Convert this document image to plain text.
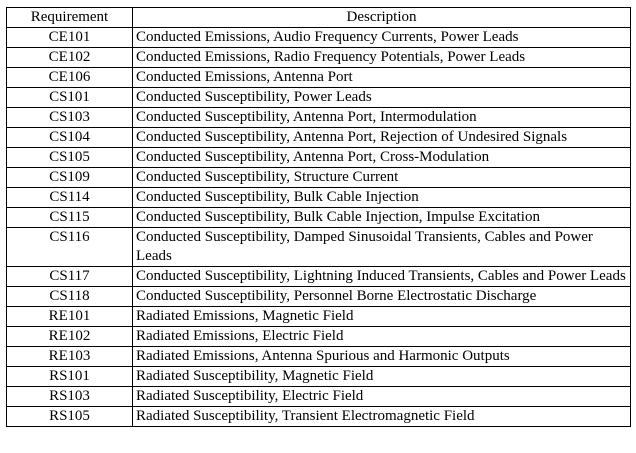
Requirement	Description
CE101	Conducted Emissions, Audio Frequency Currents, Power Leads
CE102	Conducted Emissions, Radio Frequency Potentials, Power Leads
CE106	Conducted Emissions, Antenna Port
CS101	Conducted Susceptibility, Power Leads
CS103	Conducted Susceptibility, Antenna Port, Intermodulation
CS104	Conducted Susceptibility, Antenna Port, Rejection of Undesired Signals
CS105	Conducted Susceptibility, Antenna Port, Cross-Modulation
CS109	Conducted Susceptibility, Structure Current
CS114	Conducted Susceptibility, Bulk Cable Injection
CS115	Conducted Susceptibility, Bulk Cable Injection, Impulse Excitation
CS116	Conducted Susceptibility, Damped Sinusoidal Transients, Cables and Power Leads
CS117	Conducted Susceptibility, Lightning Induced Transients, Cables and Power Leads
CS118	Conducted Susceptibility, Personnel Borne Electrostatic Discharge
RE101	Radiated Emissions, Magnetic Field
RE102	Radiated Emissions, Electric Field
RE103	Radiated Emissions, Antenna Spurious and Harmonic Outputs
RS101	Radiated Susceptibility, Magnetic Field
RS103	Radiated Susceptibility, Electric Field
RS105	Radiated Susceptibility, Transient Electromagnetic Field
